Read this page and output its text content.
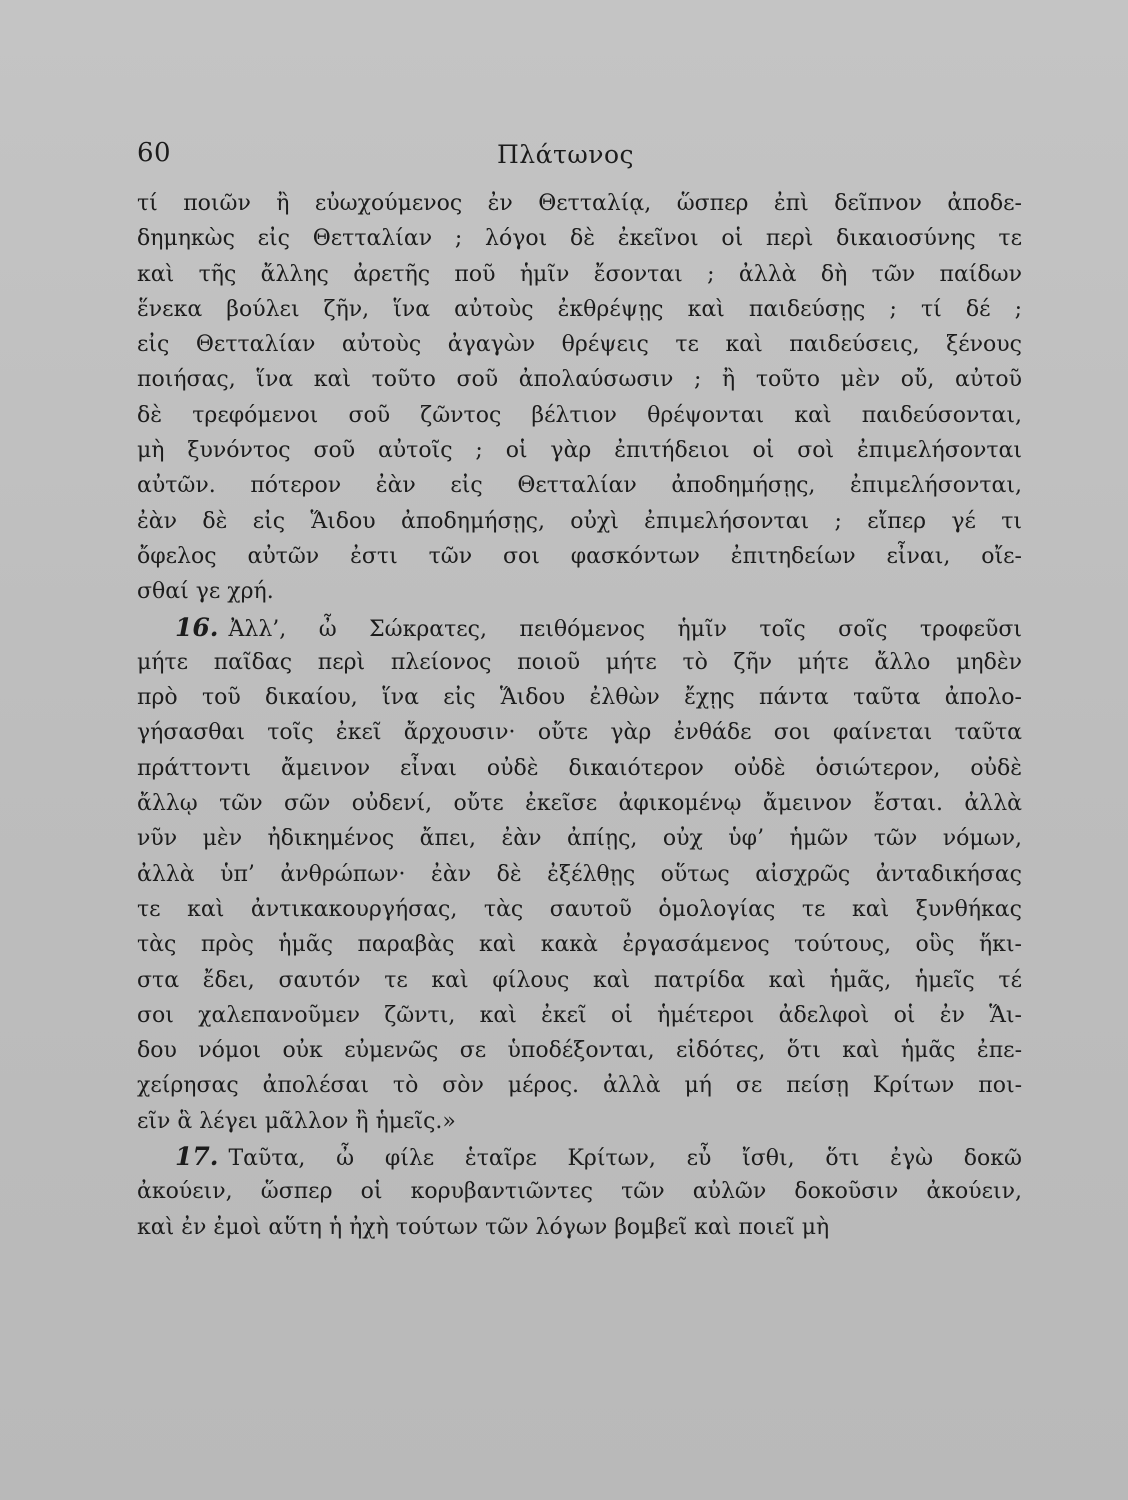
60	Πλάτωνος
τί ποιῶν ἢ εὐωχούμενος ἐν Θετταλίᾳ, ὥσπερ ἐπὶ δεῖπνον ἀποδε-
δημηκὼς εἰς Θετταλίαν ; λόγοι δὲ ἐκεῖνοι οἱ περὶ δικαιοσύνης τε
καὶ τῆς ἄλλης ἀρετῆς ποῦ ἡμῖν ἔσονται ; ἀλλὰ δὴ τῶν παίδων
ἕνεκα βούλει ζῆν, ἵνα αὐτοὺς ἐκθρέψῃς καὶ παιδεύσῃς ; τί δέ ;
εἰς Θετταλίαν αὐτοὺς ἀγαγὼν θρέψεις τε καὶ παιδεύσεις, ξένους
ποιήσας, ἵνα καὶ τοῦτο σοῦ ἀπολαύσωσιν ; ἢ τοῦτο μὲν οὔ, αὐτοῦ
δὲ τρεφόμενοι σοῦ ζῶντος βέλτιον θρέψονται καὶ παιδεύσονται,
μὴ ξυνόντος σοῦ αὐτοῖς ; οἱ γὰρ ἐπιτήδειοι οἱ σοὶ ἐπιμελήσονται
αὐτῶν. πότερον ἐὰν εἰς Θετταλίαν ἀποδημήσῃς, ἐπιμελήσονται,
ἐὰν δὲ εἰς Ἅιδου ἀποδημήσῃς, οὐχὶ ἐπιμελήσονται ; εἴπερ γέ τι
ὄφελος αὐτῶν ἐστι τῶν σοι φασκόντων ἐπιτηδείων εἶναι, οἴε-
σθαί γε χρή.
16. Ἀλλ’, ὦ Σώκρατες, πειθόμενος ἡμῖν τοῖς σοῖς τροφεῦσι
μήτε παῖδας περὶ πλείονος ποιοῦ μήτε τὸ ζῆν μήτε ἄλλο μηδὲν
πρὸ τοῦ δικαίου, ἵνα εἰς Ἅιδου ἐλθὼν ἔχῃς πάντα ταῦτα ἀπολο-
γήσασθαι τοῖς ἐκεῖ ἄρχουσιν· οὔτε γὰρ ἐνθάδε σοι φαίνεται ταῦτα
πράττοντι ἄμεινον εἶναι οὐδὲ δικαιότερον οὐδὲ ὁσιώτερον, οὐδὲ
ἄλλῳ τῶν σῶν οὐδενί, οὔτε ἐκεῖσε ἀφικομένῳ ἄμεινον ἔσται. ἀλλὰ
νῦν μὲν ἠδικημένος ἄπει, ἐὰν ἀπίῃς, οὐχ ὑφ’ ἡμῶν τῶν νόμων,
ἀλλὰ ὑπ’ ἀνθρώπων· ἐὰν δὲ ἐξέλθῃς οὕτως αἰσχρῶς ἀνταδικήσας
τε καὶ ἀντικακουργήσας, τὰς σαυτοῦ ὁμολογίας τε καὶ ξυνθήκας
τὰς πρὸς ἡμᾶς παραβὰς καὶ κακὰ ἐργασάμενος τούτους, οὓς ἥκι-
στα ἔδει, σαυτόν τε καὶ φίλους καὶ πατρίδα καὶ ἡμᾶς, ἡμεῖς τέ
σοι χαλεπανοῦμεν ζῶντι, καὶ ἐκεῖ οἱ ἡμέτεροι ἀδελφοὶ οἱ ἐν Ἅι-
δου νόμοι οὐκ εὐμενῶς σε ὑποδέξονται, εἰδότες, ὅτι καὶ ἡμᾶς ἐπε-
χείρησας ἀπολέσαι τὸ σὸν μέρος. ἀλλὰ μή σε πείσῃ Κρίτων ποι-
εῖν ἃ λέγει μᾶλλον ἢ ἡμεῖς.»
17. Ταῦτα, ὦ φίλε ἑταῖρε Κρίτων, εὖ ἴσθι, ὅτι ἐγὼ δοκῶ
ἀκούειν, ὥσπερ οἱ κορυβαντιῶντες τῶν αὐλῶν δοκοῦσιν ἀκούειν,
καὶ ἐν ἐμοὶ αὕτη ἡ ἠχὴ τούτων τῶν λόγων βομβεῖ καὶ ποιεῖ μὴ
